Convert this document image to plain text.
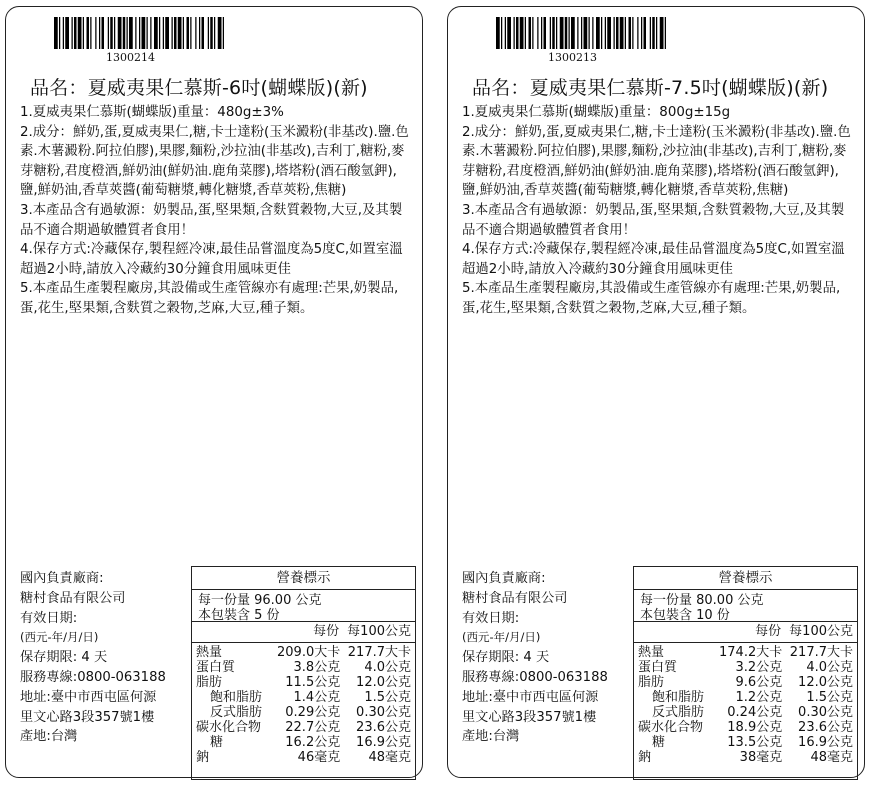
1300214
品名：夏威夷果仁慕斯-6吋(蝴蝶版)(新)

1.夏威夷果仁慕斯(蝴蝶版)重量：480g±3%

2.成分：鮮奶,蛋,夏威夷果仁,糖,卡士達粉(玉米澱粉(非基改).鹽.色素.木薯澱粉.阿拉伯膠),果膠,麵粉,沙拉油(非基改),吉利丁,糖粉,麥芽糖粉,君度橙酒,鮮奶油(鮮奶油.鹿角菜膠),塔塔粉(酒石酸氫鉀),鹽,鮮奶油,香草莢醬(葡萄糖漿,轉化糖漿,香草莢粉,焦糖)

3.本產品含有過敏源：奶製品,蛋,堅果類,含麩質穀物,大豆,及其製品不適合期過敏體質者食用！

4.保存方式:冷藏保存,製程經冷凍,最佳品嘗溫度為5度C,如置室溫超過2小時,請放入冷藏約30分鐘食用風味更佳

5.本產品生產製程廠房,其設備或生產管線亦有處理:芒果,奶製品,蛋,花生,堅果類,含麩質之穀物,芝麻,大豆,種子類。

國內負責廠商:
糖村食品有限公司
有效日期:
(西元-年/月/日)
保存期限: 4 天
服務專線:0800-063188
地址:臺中市西屯區何源
里文心路3段357號1樓
產地:台灣
營養標示
每一份量 96.00 公克
本包裝含 5 份
每份 每100公克
熱量	209.0大卡	217.7大卡
蛋白質	3.8公克	4.0公克
脂肪	11.5公克	12.0公克
飽和脂肪	1.4公克	1.5公克
反式脂肪	0.29公克	0.30公克
碳水化合物	22.7公克	23.6公克
糖	16.2公克	16.9公克
鈉	46毫克	48毫克
1300213
品名：夏威夷果仁慕斯-7.5吋(蝴蝶版)(新)

1.夏威夷果仁慕斯(蝴蝶版)重量：800g±15g

2.成分：鮮奶,蛋,夏威夷果仁,糖,卡士達粉(玉米澱粉(非基改).鹽.色素.木薯澱粉.阿拉伯膠),果膠,麵粉,沙拉油(非基改),吉利丁,糖粉,麥芽糖粉,君度橙酒,鮮奶油(鮮奶油.鹿角菜膠),塔塔粉(酒石酸氫鉀),鹽,鮮奶油,香草莢醬(葡萄糖漿,轉化糖漿,香草莢粉,焦糖)

3.本產品含有過敏源：奶製品,蛋,堅果類,含麩質穀物,大豆,及其製品不適合期過敏體質者食用！

4.保存方式:冷藏保存,製程經冷凍,最佳品嘗溫度為5度C,如置室溫超過2小時,請放入冷藏約30分鐘食用風味更佳

5.本產品生產製程廠房,其設備或生產管線亦有處理:芒果,奶製品,蛋,花生,堅果類,含麩質之穀物,芝麻,大豆,種子類。

國內負責廠商:
糖村食品有限公司
有效日期:
(西元-年/月/日)
保存期限: 4 天
服務專線:0800-063188
地址:臺中市西屯區何源
里文心路3段357號1樓
產地:台灣
營養標示
每一份量 80.00 公克
本包裝含 10 份
每份 每100公克
熱量	174.2大卡	217.7大卡
蛋白質	3.2公克	4.0公克
脂肪	9.6公克	12.0公克
飽和脂肪	1.2公克	1.5公克
反式脂肪	0.24公克	0.30公克
碳水化合物	18.9公克	23.6公克
糖	13.5公克	16.9公克
鈉	38毫克	48毫克
